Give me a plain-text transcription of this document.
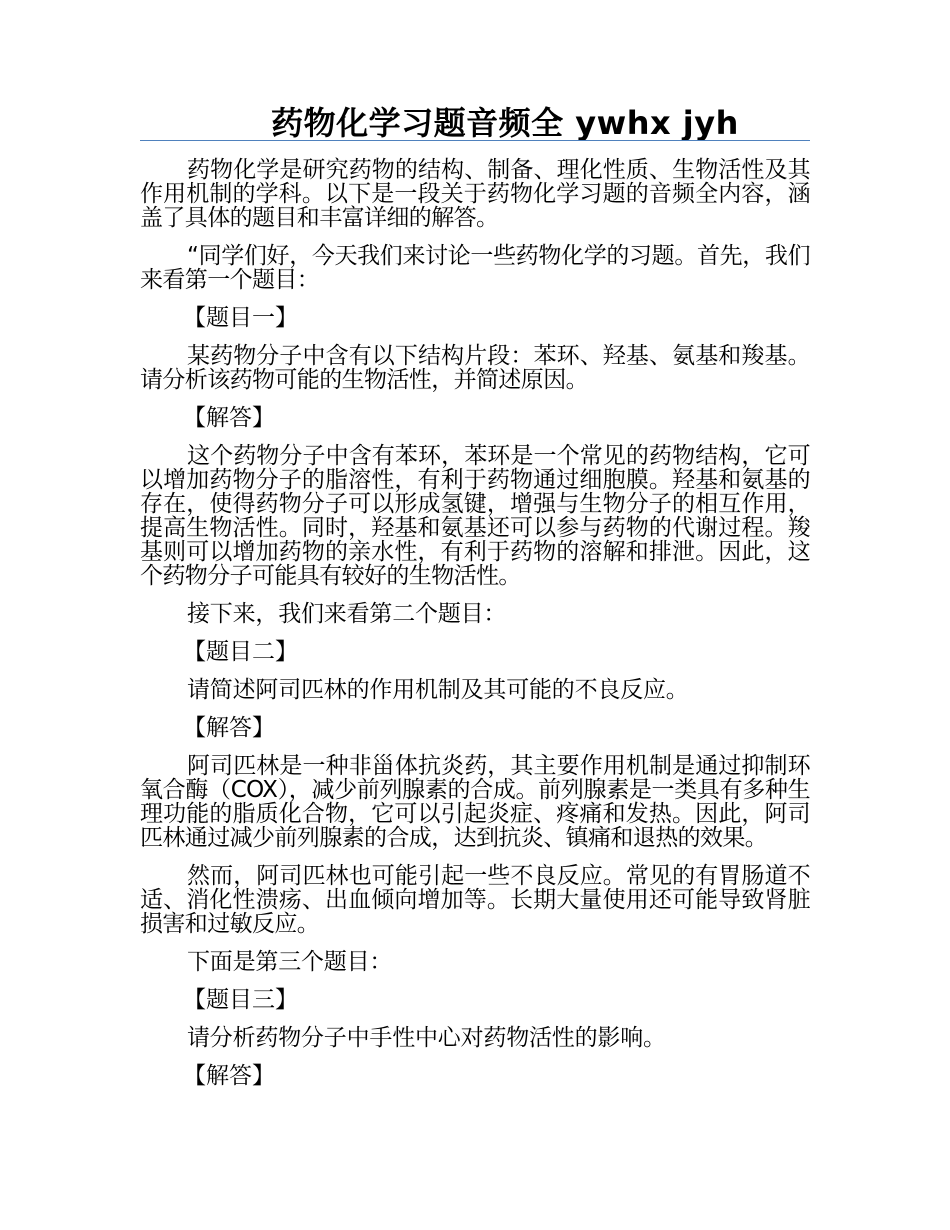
药物化学习题音频全 ywhx jyh

药物化学是研究药物的结构、制备、理化性质、生物活性及其作用机制的学科。以下是一段关于药物化学习题的音频全内容，涵盖了具体的题目和丰富详细的解答。

“同学们好，今天我们来讨论一些药物化学的习题。首先，我们来看第一个题目：

【题目一】

某药物分子中含有以下结构片段：苯环、羟基、氨基和羧基。请分析该药物可能的生物活性，并简述原因。

【解答】

这个药物分子中含有苯环，苯环是一个常见的药物结构，它可以增加药物分子的脂溶性，有利于药物通过细胞膜。羟基和氨基的存在，使得药物分子可以形成氢键，增强与生物分子的相互作用，提高生物活性。同时，羟基和氨基还可以参与药物的代谢过程。羧基则可以增加药物的亲水性，有利于药物的溶解和排泄。因此，这个药物分子可能具有较好的生物活性。

接下来，我们来看第二个题目：

【题目二】

请简述阿司匹林的作用机制及其可能的不良反应。

【解答】

阿司匹林是一种非甾体抗炎药，其主要作用机制是通过抑制环氧合酶（COX），减少前列腺素的合成。前列腺素是一类具有多种生理功能的脂质化合物，它可以引起炎症、疼痛和发热。因此，阿司匹林通过减少前列腺素的合成，达到抗炎、镇痛和退热的效果。

然而，阿司匹林也可能引起一些不良反应。常见的有胃肠道不适、消化性溃疡、出血倾向增加等。长期大量使用还可能导致肾脏损害和过敏反应。

下面是第三个题目：

【题目三】

请分析药物分子中手性中心对药物活性的影响。

【解答】
